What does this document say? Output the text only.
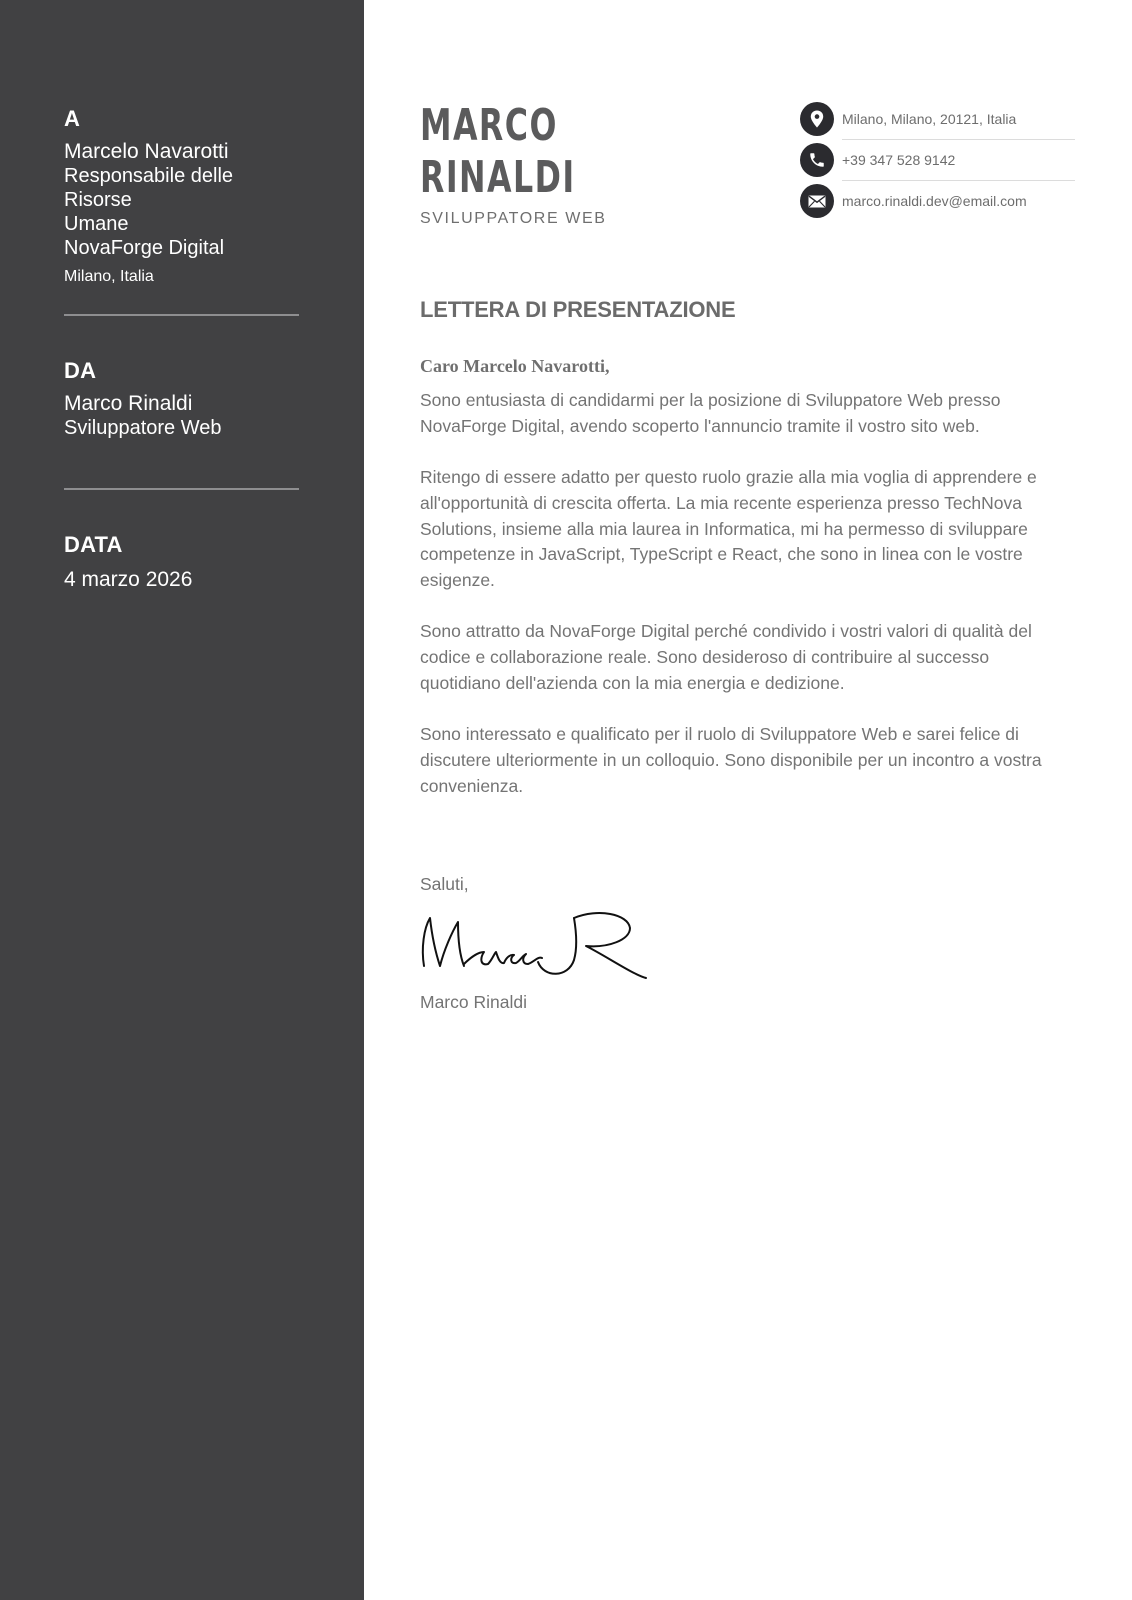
A
Marcelo Navarotti
Responsabile delle Risorse
Umane
NovaForge Digital
Milano, Italia
DA
Marco Rinaldi
Sviluppatore Web
DATA
4 marzo 2026
MARCO
RINALDI
SVILUPPATORE WEB
Milano, Milano, 20121, Italia
+39 347 528 9142
marco.rinaldi.dev@email.com
LETTERA DI PRESENTAZIONE
Caro Marcelo Navarotti,

Sono entusiasta di candidarmi per la posizione di Sviluppatore Web presso NovaForge Digital, avendo scoperto l'annuncio tramite il vostro sito web.

Ritengo di essere adatto per questo ruolo grazie alla mia voglia di apprendere e all'opportunità di crescita offerta. La mia recente esperienza presso TechNova Solutions, insieme alla mia laurea in Informatica, mi ha permesso di sviluppare competenze in JavaScript, TypeScript e React, che sono in linea con le vostre esigenze.

Sono attratto da NovaForge Digital perché condivido i vostri valori di qualità del codice e collaborazione reale. Sono desideroso di contribuire al successo quotidiano dell'azienda con la mia energia e dedizione.

Sono interessato e qualificato per il ruolo di Sviluppatore Web e sarei felice di discutere ulteriormente in un colloquio. Sono disponibile per un incontro a vostra convenienza.

Saluti,
Marco Rinaldi
